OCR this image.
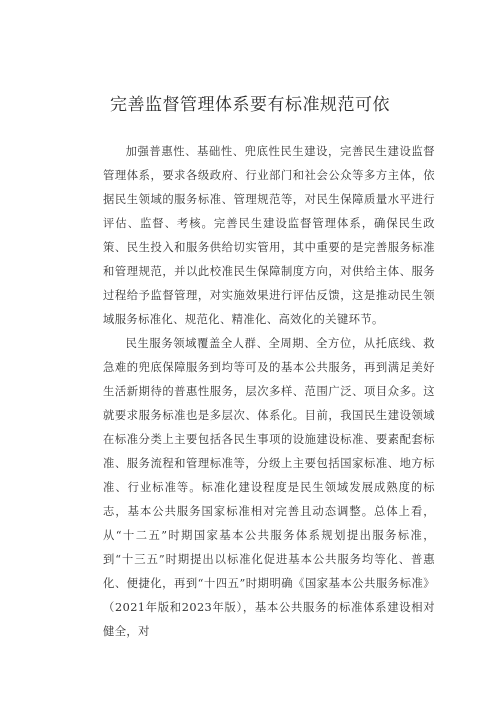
完善监督管理体系要有标准规范可依

加强普惠性、基础性、兜底性民生建设，完善民生建设监督管理体系，要求各级政府、行业部门和社会公众等多方主体，依据民生领域的服务标准、管理规范等，对民生保障质量水平进行评估、监督、考核。完善民生建设监督管理体系，确保民生政策、民生投入和服务供给切实管用，其中重要的是完善服务标准和管理规范，并以此校准民生保障制度方向，对供给主体、服务过程给予监督管理，对实施效果进行评估反馈，这是推动民生领域服务标准化、规范化、精准化、高效化的关键环节。

民生服务领域覆盖全人群、全周期、全方位，从托底线、救急难的兜底保障服务到均等可及的基本公共服务，再到满足美好生活新期待的普惠性服务，层次多样、范围广泛、项目众多。这就要求服务标准也是多层次、体系化。目前，我国民生建设领域在标准分类上主要包括各民生事项的设施建设标准、要素配套标准、服务流程和管理标准等，分级上主要包括国家标准、地方标准、行业标准等。标准化建设程度是民生领域发展成熟度的标志，基本公共服务国家标准相对完善且动态调整。总体上看，从“十二五”时期国家基本公共服务体系规划提出服务标准，到“十三五”时期提出以标准化促进基本公共服务均等化、普惠化、便捷化，再到“十四五”时期明确《国家基本公共服务标准》（2021年版和2023年版），基本公共服务的标准体系建设相对健全，对
